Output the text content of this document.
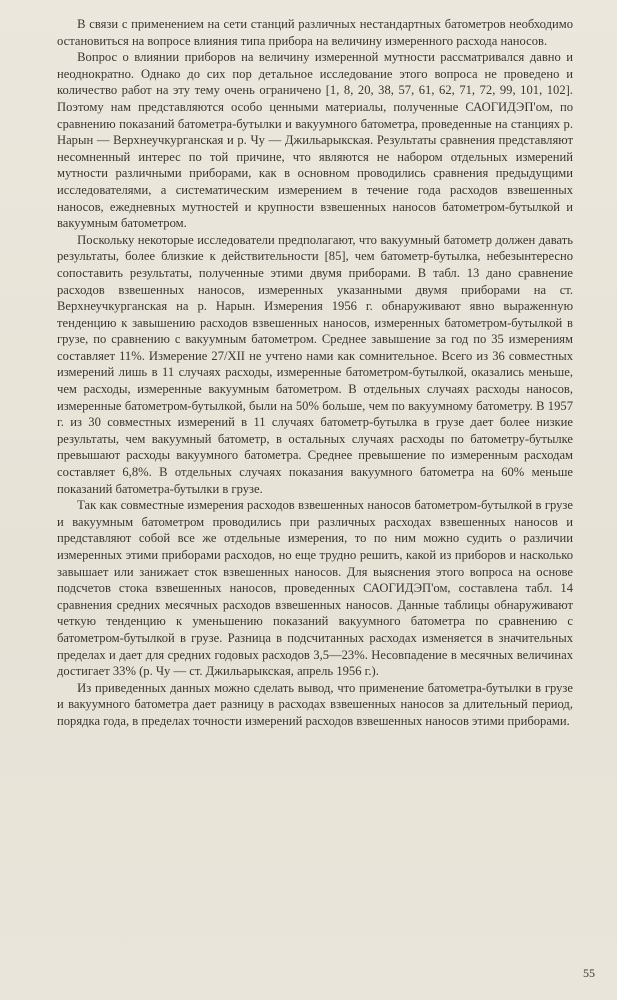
В связи с применением на сети станций различных нестандартных батометров необходимо остановиться на вопросе влияния типа прибора на величину измеренного расхода наносов.

Вопрос о влиянии приборов на величину измеренной мутности рассматривался давно и неоднократно. Однако до сих пор детальное исследование этого вопроса не проведено и количество работ на эту тему очень ограничено [1, 8, 20, 38, 57, 61, 62, 71, 72, 99, 101, 102]. Поэтому нам представляются особо ценными материалы, полученные САОГИДЭП'ом, по сравнению показаний батометра-бутылки и вакуумного батометра, проведенные на станциях р. Нарын — Верхнеучкурганская и р. Чу — Джильарыкская. Результаты сравнения представляют несомненный интерес по той причине, что являются не набором отдельных измерений мутности различными приборами, как в основном проводились сравнения предыдущими исследователями, а систематическим измерением в течение года расходов взвешенных наносов, ежедневных мутностей и крупности взвешенных наносов батометром-бутылкой и вакуумным батометром.

Поскольку некоторые исследователи предполагают, что вакуумный батометр должен давать результаты, более близкие к действительности [85], чем батометр-бутылка, небезынтересно сопоставить результаты, полученные этими двумя приборами. В табл. 13 дано сравнение расходов взвешенных наносов, измеренных указанными двумя приборами на ст. Верхнеучкурганская на р. Нарын. Измерения 1956 г. обнаруживают явно выраженную тенденцию к завышению расходов взвешенных наносов, измеренных батометром-бутылкой в грузе, по сравнению с вакуумным батометром. Среднее завышение за год по 35 измерениям составляет 11%. Измерение 27/XII не учтено нами как сомнительное. Всего из 36 совместных измерений лишь в 11 случаях расходы, измеренные батометром-бутылкой, оказались меньше, чем расходы, измеренные вакуумным батометром. В отдельных случаях расходы наносов, измеренные батометром-бутылкой, были на 50% больше, чем по вакуумному батометру. В 1957 г. из 30 совместных измерений в 11 случаях батометр-бутылка в грузе дает более низкие результаты, чем вакуумный батометр, в остальных случаях расходы по батометру-бутылке превышают расходы вакуумного батометра. Среднее превышение по измеренным расходам составляет 6,8%. В отдельных случаях показания вакуумного батометра на 60% меньше показаний батометра-бутылки в грузе.

Так как совместные измерения расходов взвешенных наносов батометром-бутылкой в грузе и вакуумным батометром проводились при различных расходах взвешенных наносов и представляют собой все же отдельные измерения, то по ним можно судить о различии измеренных этими приборами расходов, но еще трудно решить, какой из приборов и насколько завышает или занижает сток взвешенных наносов. Для выяснения этого вопроса на основе подсчетов стока взвешенных наносов, проведенных САОГИДЭП'ом, составлена табл. 14 сравнения средних месячных расходов взвешенных наносов. Данные таблицы обнаруживают четкую тенденцию к уменьшению показаний вакуумного батометра по сравнению с батометром-бутылкой в грузе. Разница в подсчитанных расходах изменяется в значительных пределах и дает для средних годовых расходов 3,5—23%. Несовпадение в месячных величинах достигает 33% (р. Чу — ст. Джильарыкская, апрель 1956 г.).

Из приведенных данных можно сделать вывод, что применение батометра-бутылки в грузе и вакуумного батометра дает разницу в расходах взвешенных наносов за длительный период, порядка года, в пределах точности измерений расходов взвешенных наносов этими приборами.

55
